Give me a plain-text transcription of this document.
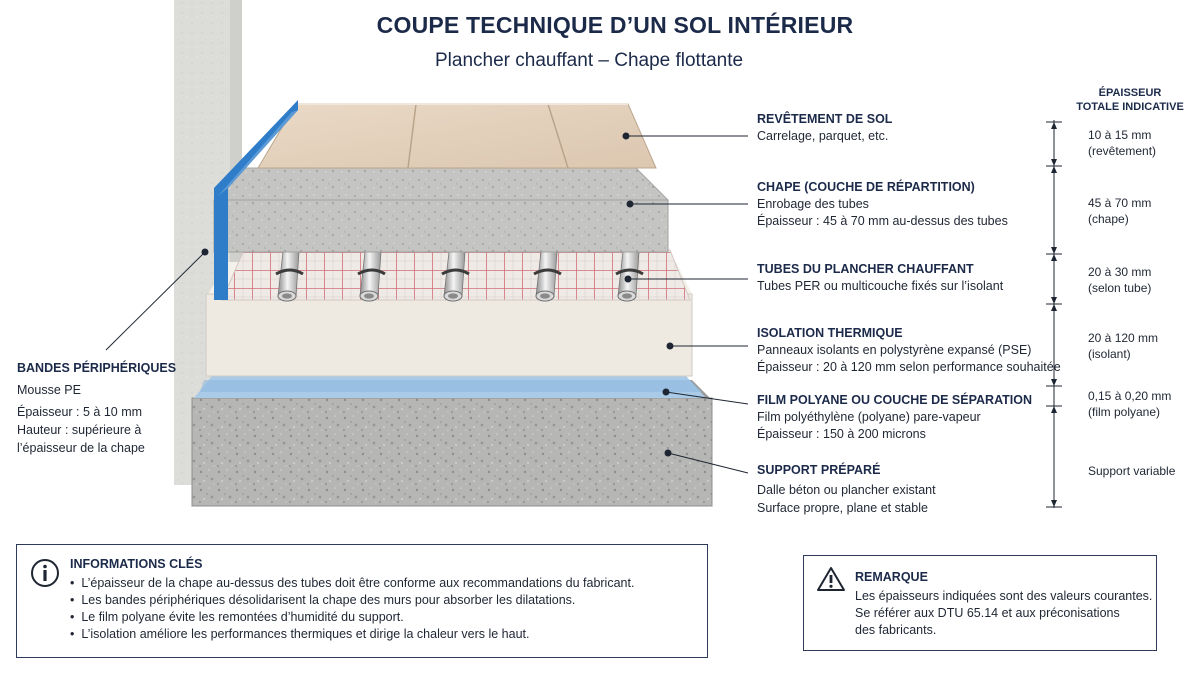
COUPE TECHNIQUE D’UN SOL INTÉRIEUR
Plancher chauffant – Chape flottante
REVÊTEMENT DE SOL
Carrelage, parquet, etc.
CHAPE (COUCHE DE RÉPARTITION)
Enrobage des tubes
Épaisseur : 45 à 70 mm au-dessus des tubes
TUBES DU PLANCHER CHAUFFANT
Tubes PER ou multicouche fixés sur l’isolant
ISOLATION THERMIQUE
Panneaux isolants en polystyrène expansé (PSE)
Épaisseur : 20 à 120 mm selon performance souhaitée
FILM POLYANE OU COUCHE DE SÉPARATION
Film polyéthylène (polyane) pare-vapeur
Épaisseur : 150 à 200 microns
SUPPORT PRÉPARÉ
Dalle béton ou plancher existant
Surface propre, plane et stable
BANDES PÉRIPHÉRIQUES
Mousse PE
Épaisseur : 5 à 10 mm
Hauteur : supérieure à
l’épaisseur de la chape
ÉPAISSEUR
TOTALE INDICATIVE
10 à 15 mm
(revêtement)
45 à 70 mm
(chape)
20 à 30 mm
(selon tube)
20 à 120 mm
(isolant)
0,15 à 0,20 mm
(film polyane)
Support variable
INFORMATIONS CLÉS
•  L’épaisseur de la chape au-dessus des tubes doit être conforme aux recommandations du fabricant.
•  Les bandes périphériques désolidarisent la chape des murs pour absorber les dilatations.
•  Le film polyane évite les remontées d’humidité du support.
•  L’isolation améliore les performances thermiques et dirige la chaleur vers le haut.
REMARQUE
Les épaisseurs indiquées sont des valeurs courantes.
Se référer aux DTU 65.14 et aux préconisations
des fabricants.
